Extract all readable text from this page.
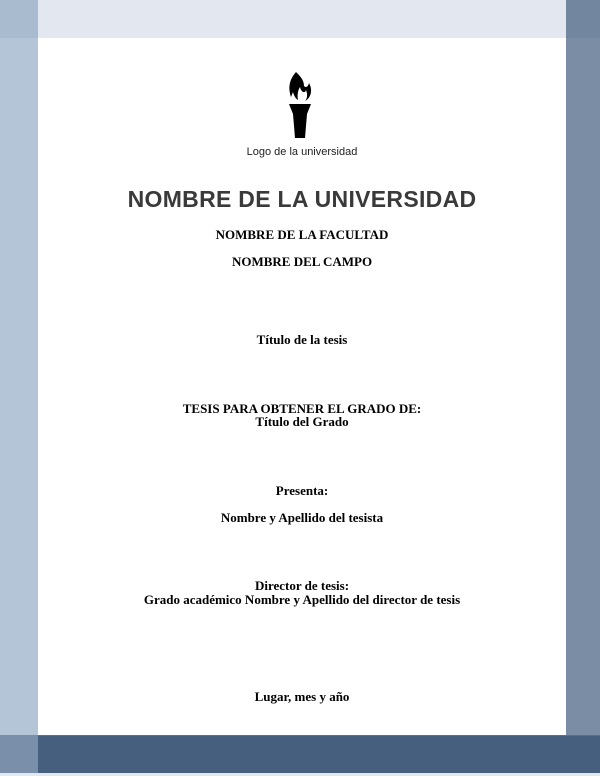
Logo de la universidad
NOMBRE DE LA UNIVERSIDAD
NOMBRE DE LA FACULTAD
NOMBRE DEL CAMPO
Título de la tesis
TESIS PARA OBTENER EL GRADO DE:
Título del Grado
Presenta:
Nombre y Apellido del tesista
Director de tesis:
Grado académico Nombre y Apellido del director de tesis
Lugar, mes y año
